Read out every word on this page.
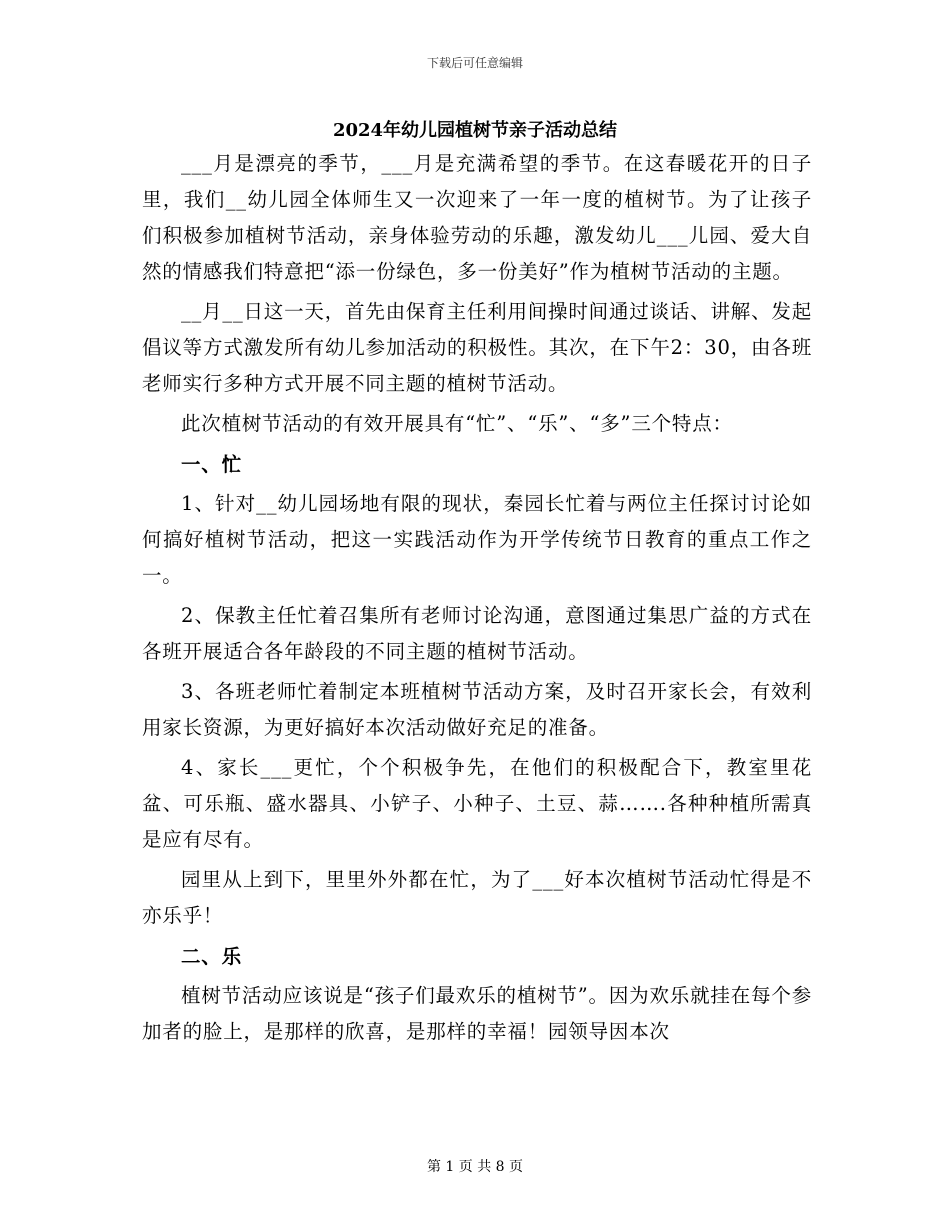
下载后可任意编辑
2024年幼儿园植树节亲子活动总结

___月是漂亮的季节，___月是充满希望的季节。在这春暖花开的日子里，我们__幼儿园全体师生又一次迎来了一年一度的植树节。为了让孩子们积极参加植树节活动，亲身体验劳动的乐趣，激发幼儿___儿园、爱大自然的情感我们特意把“添一份绿色，多一份美好”作为植树节活动的主题。

__月__日这一天，首先由保育主任利用间操时间通过谈话、讲解、发起倡议等方式激发所有幼儿参加活动的积极性。其次，在下午2：30，由各班老师实行多种方式开展不同主题的植树节活动。

此次植树节活动的有效开展具有“忙”、“乐”、“多”三个特点：

一、忙

1、针对__幼儿园场地有限的现状，秦园长忙着与两位主任探讨讨论如何搞好植树节活动，把这一实践活动作为开学传统节日教育的重点工作之一。

2、保教主任忙着召集所有老师讨论沟通，意图通过集思广益的方式在各班开展适合各年龄段的不同主题的植树节活动。

3、各班老师忙着制定本班植树节活动方案，及时召开家长会，有效利用家长资源，为更好搞好本次活动做好充足的准备。

4、家长___更忙，个个积极争先，在他们的积极配合下，教室里花盆、可乐瓶、盛水器具、小铲子、小种子、土豆、蒜…….各种种植所需真是应有尽有。

园里从上到下，里里外外都在忙，为了___好本次植树节活动忙得是不亦乐乎！

二、乐

植树节活动应该说是“孩子们最欢乐的植树节”。因为欢乐就挂在每个参加者的脸上，是那样的欣喜，是那样的幸福！园领导因本次

第 1 页 共 8 页
